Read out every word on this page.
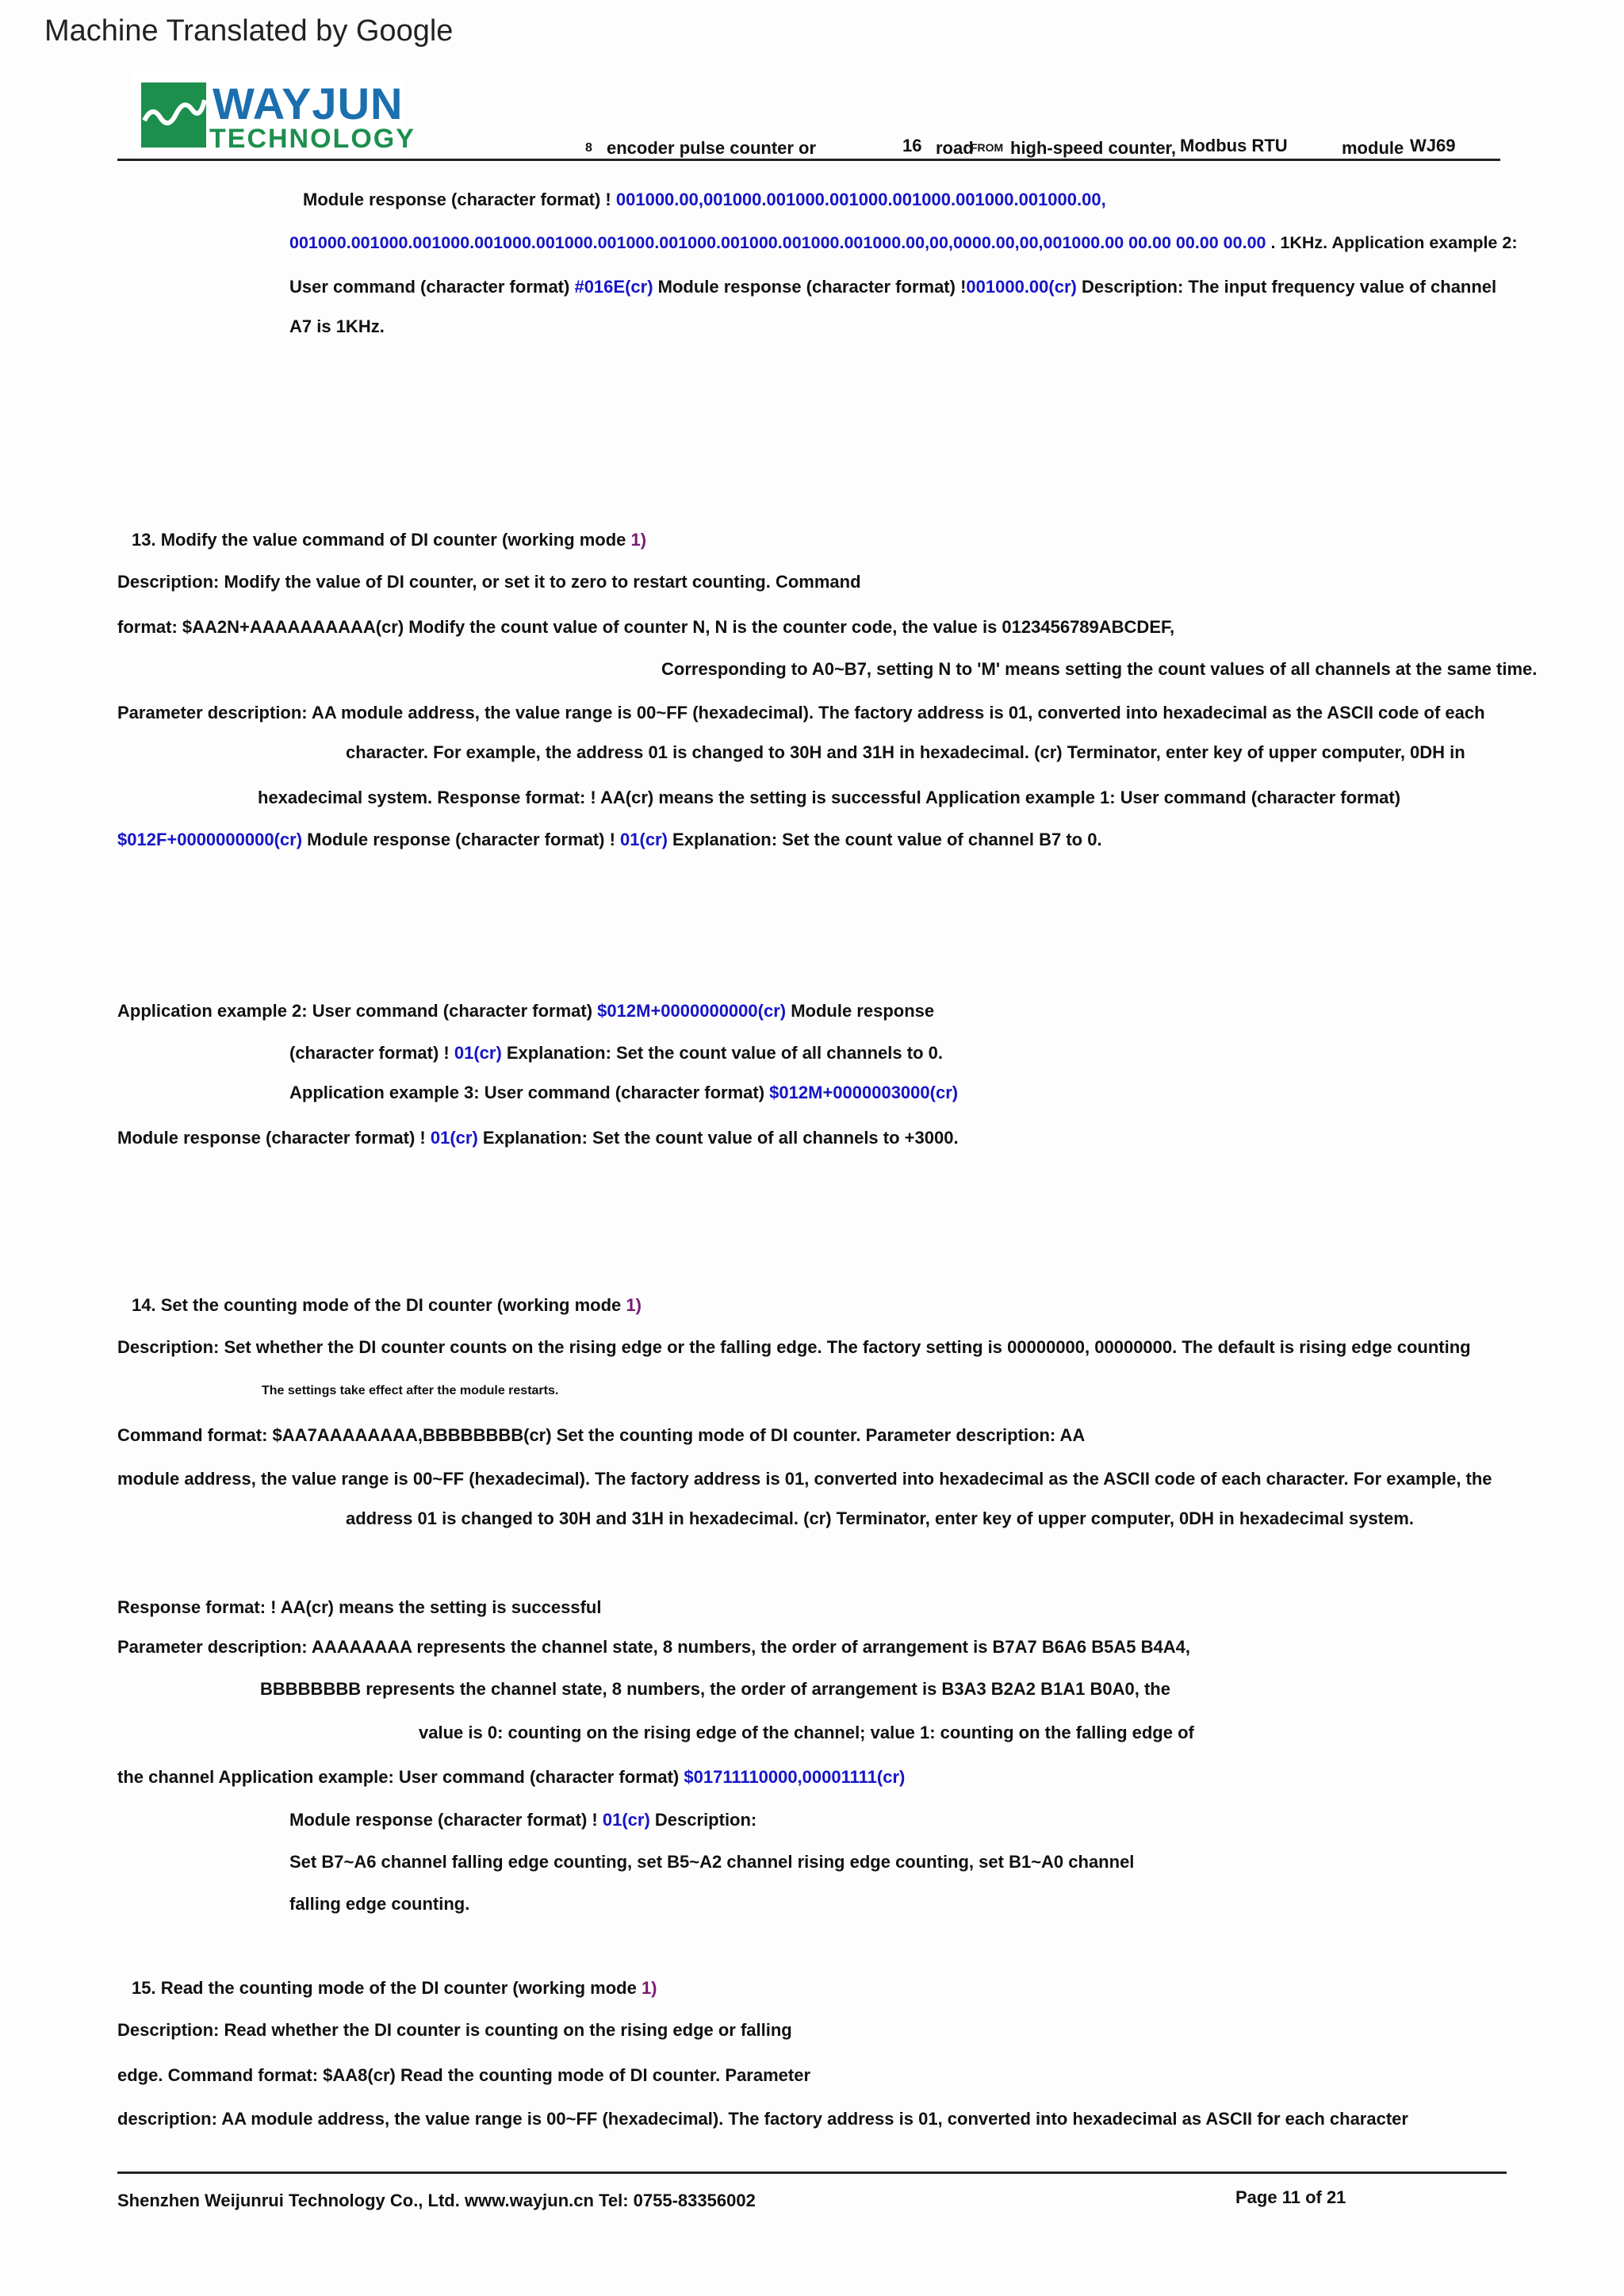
Machine Translated by Google
WAYJUN
TECHNOLOGY	8 encoder pulse counter or	16 road
FROM high-speed counter, Modbus RTU	module WJ69
Module response (character format) ! 001000.00,001000.001000.001000.001000.001000.001000.00,
001000.001000.001000.001000.001000.001000.001000.001000.001000.001000.00,00,0000.00,00,001000.00 00.00 00.00 00.00 . 1KHz. Application example 2:
User command (character format) #016E(cr) Module response (character format) !001000.00(cr) Description: The input frequency value of channel
A7 is 1KHz.
13. Modify the value command of DI counter (working mode 1)
Description: Modify the value of DI counter, or set it to zero to restart counting. Command
format: $AA2N+AAAAAAAAAA(cr) Modify the count value of counter N, N is the counter code, the value is 0123456789ABCDEF,
Corresponding to A0~B7, setting N to 'M' means setting the count values of all channels at the same time.
Parameter description: AA module address, the value range is 00~FF (hexadecimal). The factory address is 01, converted into hexadecimal as the ASCII code of each
character. For example, the address 01 is changed to 30H and 31H in hexadecimal. (cr) Terminator, enter key of upper computer, 0DH in
hexadecimal system. Response format: ! AA(cr) means the setting is successful Application example 1: User command (character format)
$012F+0000000000(cr) Module response (character format) ! 01(cr) Explanation: Set the count value of channel B7 to 0.
Application example 2: User command (character format) $012M+0000000000(cr) Module response
(character format) ! 01(cr) Explanation: Set the count value of all channels to 0.
Application example 3: User command (character format) $012M+0000003000(cr)
Module response (character format) ! 01(cr) Explanation: Set the count value of all channels to +3000.
14. Set the counting mode of the DI counter (working mode 1)
Description: Set whether the DI counter counts on the rising edge or the falling edge. The factory setting is 00000000, 00000000. The default is rising edge counting
The settings take effect after the module restarts.
Command format: $AA7AAAAAAAA,BBBBBBBB(cr) Set the counting mode of DI counter. Parameter description: AA
module address, the value range is 00~FF (hexadecimal). The factory address is 01, converted into hexadecimal as the ASCII code of each character. For example, the
address 01 is changed to 30H and 31H in hexadecimal. (cr) Terminator, enter key of upper computer, 0DH in hexadecimal system.
Response format: ! AA(cr) means the setting is successful
Parameter description: AAAAAAAA represents the channel state, 8 numbers, the order of arrangement is B7A7 B6A6 B5A5 B4A4,
BBBBBBBB represents the channel state, 8 numbers, the order of arrangement is B3A3 B2A2 B1A1 B0A0, the
value is 0: counting on the rising edge of the channel; value 1: counting on the falling edge of
the channel Application example: User command (character format) $01711110000,00001111(cr)
Module response (character format) ! 01(cr) Description:
Set B7~A6 channel falling edge counting, set B5~A2 channel rising edge counting, set B1~A0 channel
falling edge counting.
15. Read the counting mode of the DI counter (working mode 1)
Description: Read whether the DI counter is counting on the rising edge or falling
edge. Command format: $AA8(cr) Read the counting mode of DI counter. Parameter
description: AA module address, the value range is 00~FF (hexadecimal). The factory address is 01, converted into hexadecimal as ASCII for each character
Shenzhen Weijunrui Technology Co., Ltd. www.wayjun.cn Tel: 0755-83356002	Page 11 of 21
